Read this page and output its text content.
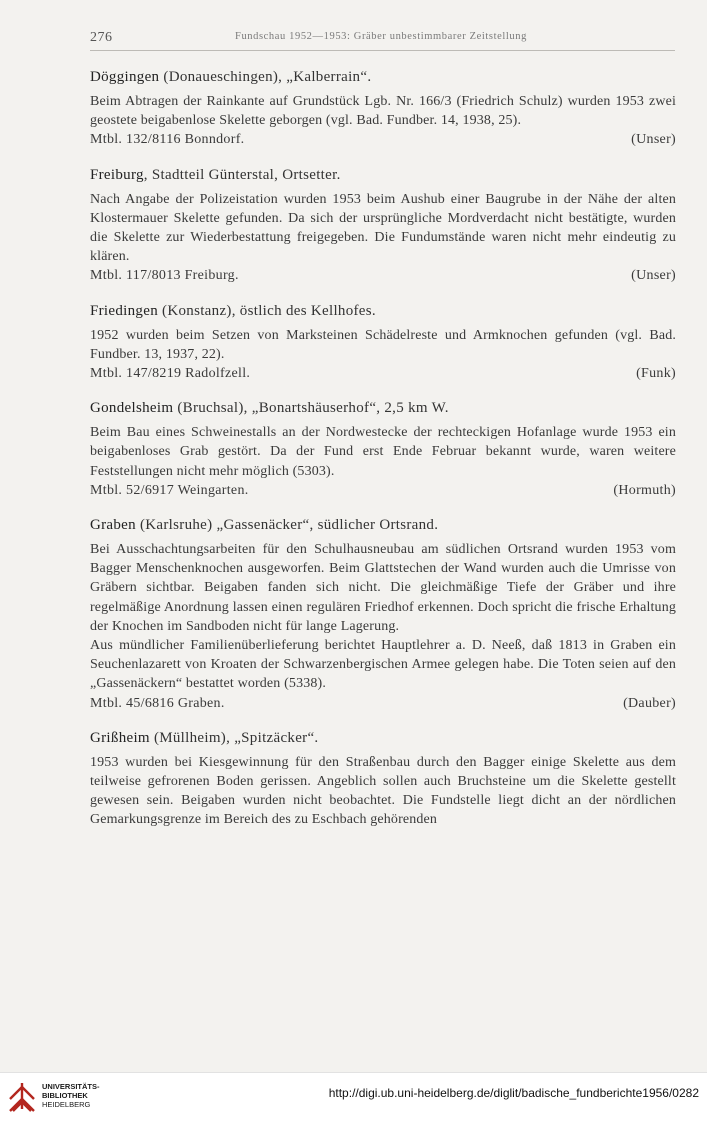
276	Fundschau 1952—1953: Gräber unbestimmbarer Zeitstellung

Döggingen (Donaueschingen), „Kalberrain“.

Beim Abtragen der Rainkante auf Grundstück Lgb. Nr. 166/3 (Friedrich Schulz) wurden 1953 zwei geostete beigabenlose Skelette geborgen (vgl. Bad. Fundber. 14, 1938, 25).

Mtbl. 132/8116 Bonndorf.	(Unser)

Freiburg, Stadtteil Günterstal, Ortsetter.

Nach Angabe der Polizeistation wurden 1953 beim Aushub einer Baugrube in der Nähe der alten Klostermauer Skelette gefunden. Da sich der ursprüngliche Mordverdacht nicht bestätigte, wurden die Skelette zur Wiederbestattung freigegeben. Die Fundumstände waren nicht mehr eindeutig zu klären.

Mtbl. 117/8013 Freiburg.	(Unser)

Friedingen (Konstanz), östlich des Kellhofes.

1952 wurden beim Setzen von Marksteinen Schädelreste und Armknochen gefunden (vgl. Bad. Fundber. 13, 1937, 22).

Mtbl. 147/8219 Radolfzell.	(Funk)

Gondelsheim (Bruchsal), „Bonartshäuserhof“, 2,5 km W.

Beim Bau eines Schweinestalls an der Nordwestecke der rechteckigen Hofanlage wurde 1953 ein beigabenloses Grab gestört. Da der Fund erst Ende Februar bekannt wurde, waren weitere Feststellungen nicht mehr möglich (5303).

Mtbl. 52/6917 Weingarten.	(Hormuth)

Graben (Karlsruhe) „Gassenäcker“, südlicher Ortsrand.

Bei Ausschachtungsarbeiten für den Schulhausneubau am südlichen Ortsrand wurden 1953 vom Bagger Menschenknochen ausgeworfen. Beim Glattstechen der Wand wurden auch die Umrisse von Gräbern sichtbar. Beigaben fanden sich nicht. Die gleichmäßige Tiefe der Gräber und ihre regelmäßige Anordnung lassen einen regulären Friedhof erkennen. Doch spricht die frische Erhaltung der Knochen im Sandboden nicht für lange Lagerung.

Aus mündlicher Familienüberlieferung berichtet Hauptlehrer a. D. Neeß, daß 1813 in Graben ein Seuchenlazarett von Kroaten der Schwarzenbergischen Armee gelegen habe. Die Toten seien auf den „Gassenäckern“ bestattet worden (5338).

Mtbl. 45/6816 Graben.	(Dauber)

Grißheim (Müllheim), „Spitzäcker“.

1953 wurden bei Kiesgewinnung für den Straßenbau durch den Bagger einige Skelette aus dem teilweise gefrorenen Boden gerissen. Angeblich sollen auch Bruchsteine um die Skelette gestellt gewesen sein. Beigaben wurden nicht beobachtet. Die Fundstelle liegt dicht an der nördlichen Gemarkungsgrenze im Bereich des zu Eschbach gehörenden

UNIVERSITÄTS-
BIBLIOTHEK
HEIDELBERG
http://digi.ub.uni-heidelberg.de/diglit/badische_fundberichte1956/0282
